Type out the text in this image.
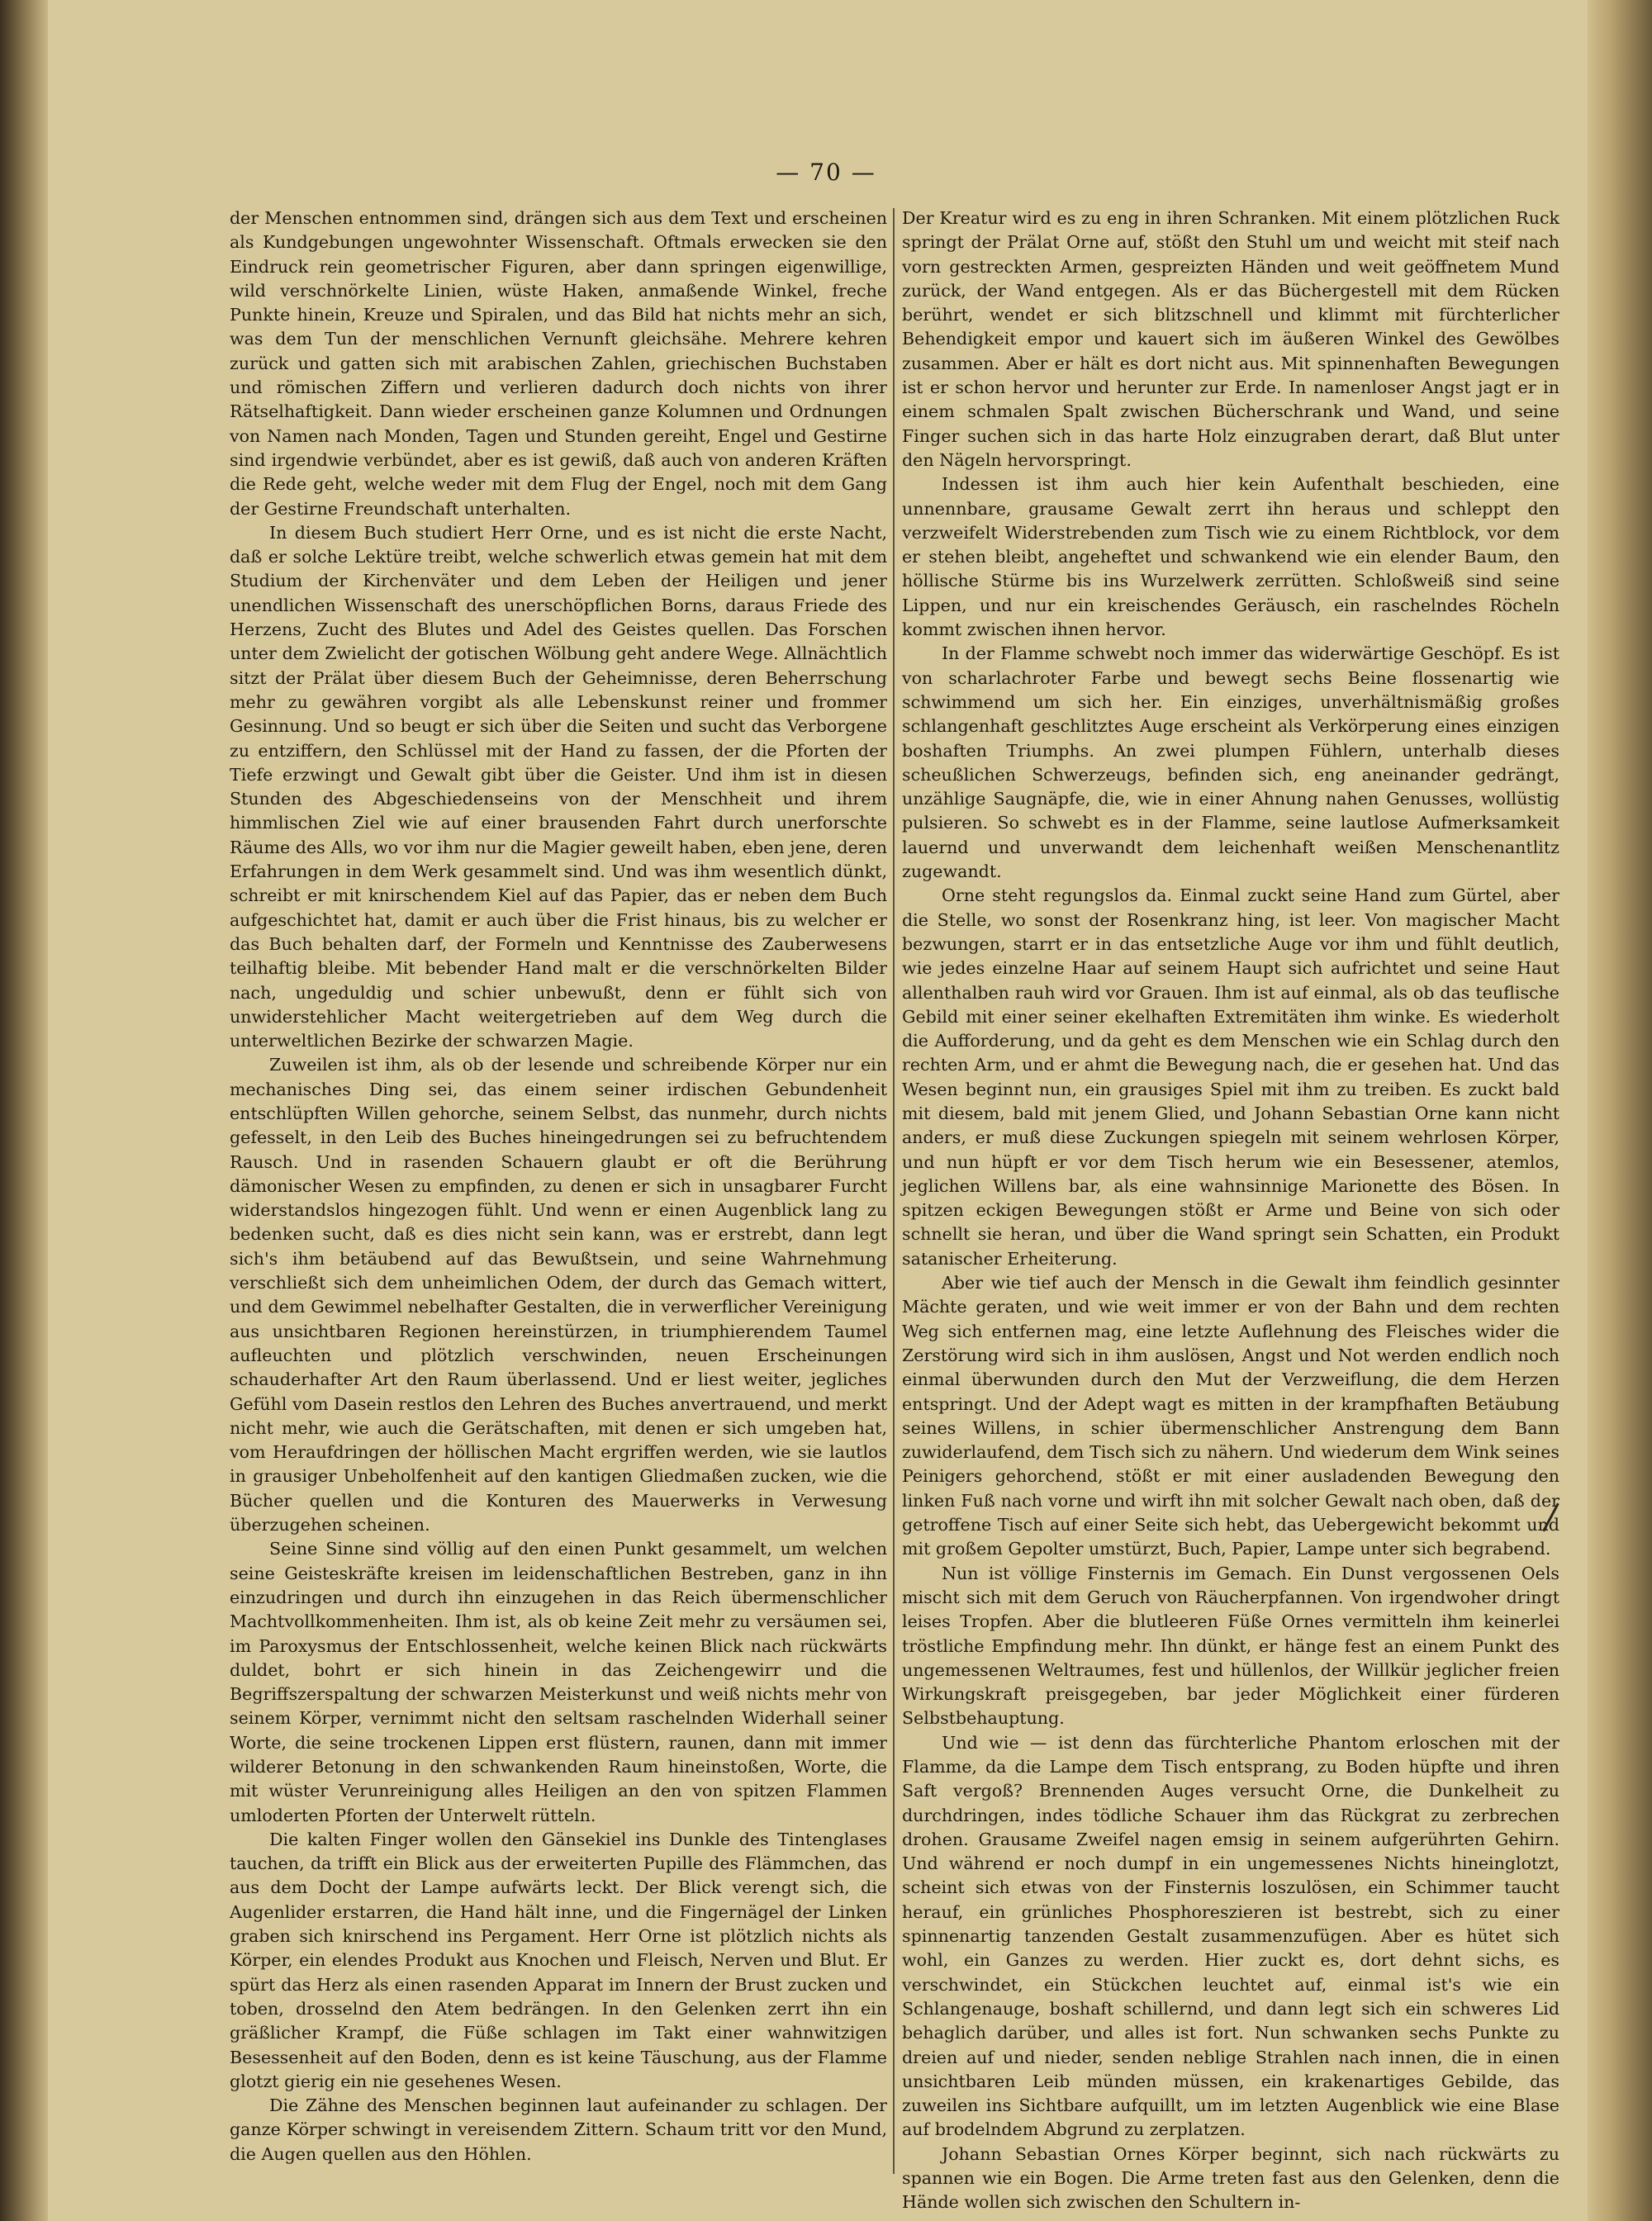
— 70 —

der Menschen entnommen sind, drängen sich aus dem Text und erscheinen als Kundgebungen ungewohnter Wissenschaft. Oftmals erwecken sie den Eindruck rein geometrischer Figuren, aber dann springen eigenwillige, wild verschnörkelte Linien, wüste Haken, anmaßende Winkel, freche Punkte hinein, Kreuze und Spiralen, und das Bild hat nichts mehr an sich, was dem Tun der menschlichen Vernunft gleichsähe. Mehrere kehren zurück und gatten sich mit arabischen Zahlen, griechischen Buchstaben und römischen Ziffern und verlieren dadurch doch nichts von ihrer Rätselhaftigkeit. Dann wieder erscheinen ganze Kolumnen und Ordnungen von Namen nach Monden, Tagen und Stunden gereiht, Engel und Gestirne sind irgendwie verbündet, aber es ist gewiß, daß auch von anderen Kräften die Rede geht, welche weder mit dem Flug der Engel, noch mit dem Gang der Gestirne Freundschaft unterhalten.

In diesem Buch studiert Herr Orne, und es ist nicht die erste Nacht, daß er solche Lektüre treibt, welche schwerlich etwas gemein hat mit dem Studium der Kirchenväter und dem Leben der Heiligen und jener unendlichen Wissenschaft des unerschöpflichen Borns, daraus Friede des Herzens, Zucht des Blutes und Adel des Geistes quellen. Das Forschen unter dem Zwielicht der gotischen Wölbung geht andere Wege. Allnächtlich sitzt der Prälat über diesem Buch der Geheimnisse, deren Beherrschung mehr zu gewähren vorgibt als alle Lebenskunst reiner und frommer Gesinnung. Und so beugt er sich über die Seiten und sucht das Verborgene zu entziffern, den Schlüssel mit der Hand zu fassen, der die Pforten der Tiefe erzwingt und Gewalt gibt über die Geister. Und ihm ist in diesen Stunden des Abgeschiedenseins von der Menschheit und ihrem himmlischen Ziel wie auf einer brausenden Fahrt durch unerforschte Räume des Alls, wo vor ihm nur die Magier geweilt haben, eben jene, deren Erfahrungen in dem Werk gesammelt sind. Und was ihm wesentlich dünkt, schreibt er mit knirschendem Kiel auf das Papier, das er neben dem Buch aufgeschichtet hat, damit er auch über die Frist hinaus, bis zu welcher er das Buch behalten darf, der Formeln und Kenntnisse des Zauberwesens teilhaftig bleibe. Mit bebender Hand malt er die verschnörkelten Bilder nach, ungeduldig und schier unbewußt, denn er fühlt sich von unwiderstehlicher Macht weitergetrieben auf dem Weg durch die unterweltlichen Bezirke der schwarzen Magie.

Zuweilen ist ihm, als ob der lesende und schreibende Körper nur ein mechanisches Ding sei, das einem seiner irdischen Gebundenheit entschlüpften Willen gehorche, seinem Selbst, das nunmehr, durch nichts gefesselt, in den Leib des Buches hineingedrungen sei zu befruchtendem Rausch. Und in rasenden Schauern glaubt er oft die Berührung dämonischer Wesen zu empfinden, zu denen er sich in unsagbarer Furcht widerstandslos hingezogen fühlt. Und wenn er einen Augenblick lang zu bedenken sucht, daß es dies nicht sein kann, was er erstrebt, dann legt sich's ihm betäubend auf das Bewußtsein, und seine Wahrnehmung verschließt sich dem unheimlichen Odem, der durch das Gemach wittert, und dem Gewimmel nebelhafter Gestalten, die in verwerflicher Vereinigung aus unsichtbaren Regionen hereinstürzen, in triumphierendem Taumel aufleuchten und plötzlich verschwinden, neuen Erscheinungen schauderhafter Art den Raum überlassend. Und er liest weiter, jegliches Gefühl vom Dasein restlos den Lehren des Buches anvertrauend, und merkt nicht mehr, wie auch die Gerätschaften, mit denen er sich umgeben hat, vom Heraufdringen der höllischen Macht ergriffen werden, wie sie lautlos in grausiger Unbeholfenheit auf den kantigen Gliedmaßen zucken, wie die Bücher quellen und die Konturen des Mauerwerks in Verwesung überzugehen scheinen.

Seine Sinne sind völlig auf den einen Punkt gesammelt, um welchen seine Geisteskräfte kreisen im leidenschaftlichen Bestreben, ganz in ihn einzudringen und durch ihn einzugehen in das Reich übermenschlicher Machtvollkommenheiten. Ihm ist, als ob keine Zeit mehr zu versäumen sei, im Paroxysmus der Entschlossenheit, welche keinen Blick nach rückwärts duldet, bohrt er sich hinein in das Zeichengewirr und die Begriffszerspaltung der schwarzen Meisterkunst und weiß nichts mehr von seinem Körper, vernimmt nicht den seltsam raschelnden Widerhall seiner Worte, die seine trockenen Lippen erst flüstern, raunen, dann mit immer wilderer Betonung in den schwankenden Raum hineinstoßen, Worte, die mit wüster Verunreinigung alles Heiligen an den von spitzen Flammen umloderten Pforten der Unterwelt rütteln.

Die kalten Finger wollen den Gänsekiel ins Dunkle des Tintenglases tauchen, da trifft ein Blick aus der erweiterten Pupille des Flämmchen, das aus dem Docht der Lampe aufwärts leckt. Der Blick verengt sich, die Augenlider erstarren, die Hand hält inne, und die Fingernägel der Linken graben sich knirschend ins Pergament. Herr Orne ist plötzlich nichts als Körper, ein elendes Produkt aus Knochen und Fleisch, Nerven und Blut. Er spürt das Herz als einen rasenden Apparat im Innern der Brust zucken und toben, drosselnd den Atem bedrängen. In den Gelenken zerrt ihn ein gräßlicher Krampf, die Füße schlagen im Takt einer wahnwitzigen Besessenheit auf den Boden, denn es ist keine Täuschung, aus der Flamme glotzt gierig ein nie gesehenes Wesen.

Die Zähne des Menschen beginnen laut aufeinander zu schlagen. Der ganze Körper schwingt in vereisendem Zittern. Schaum tritt vor den Mund, die Augen quellen aus den Höhlen.

Der Kreatur wird es zu eng in ihren Schranken. Mit einem plötzlichen Ruck springt der Prälat Orne auf, stößt den Stuhl um und weicht mit steif nach vorn gestreckten Armen, gespreizten Händen und weit geöffnetem Mund zurück, der Wand entgegen. Als er das Büchergestell mit dem Rücken berührt, wendet er sich blitzschnell und klimmt mit fürchterlicher Behendigkeit empor und kauert sich im äußeren Winkel des Gewölbes zusammen. Aber er hält es dort nicht aus. Mit spinnenhaften Bewegungen ist er schon hervor und herunter zur Erde. In namenloser Angst jagt er in einem schmalen Spalt zwischen Bücherschrank und Wand, und seine Finger suchen sich in das harte Holz einzugraben derart, daß Blut unter den Nägeln hervorspringt.

Indessen ist ihm auch hier kein Aufenthalt beschieden, eine unnennbare, grausame Gewalt zerrt ihn heraus und schleppt den verzweifelt Widerstrebenden zum Tisch wie zu einem Richtblock, vor dem er stehen bleibt, angeheftet und schwankend wie ein elender Baum, den höllische Stürme bis ins Wurzelwerk zerrütten. Schloßweiß sind seine Lippen, und nur ein kreischendes Geräusch, ein raschelndes Röcheln kommt zwischen ihnen hervor.

In der Flamme schwebt noch immer das widerwärtige Geschöpf. Es ist von scharlachroter Farbe und bewegt sechs Beine flossenartig wie schwimmend um sich her. Ein einziges, unverhältnismäßig großes schlangenhaft geschlitztes Auge erscheint als Verkörperung eines einzigen boshaften Triumphs. An zwei plumpen Fühlern, unterhalb dieses scheußlichen Schwerzeugs, befinden sich, eng aneinander gedrängt, unzählige Saugnäpfe, die, wie in einer Ahnung nahen Genusses, wollüstig pulsieren. So schwebt es in der Flamme, seine lautlose Aufmerksamkeit lauernd und unverwandt dem leichenhaft weißen Menschenantlitz zugewandt.

Orne steht regungslos da. Einmal zuckt seine Hand zum Gürtel, aber die Stelle, wo sonst der Rosenkranz hing, ist leer. Von magischer Macht bezwungen, starrt er in das entsetzliche Auge vor ihm und fühlt deutlich, wie jedes einzelne Haar auf seinem Haupt sich aufrichtet und seine Haut allenthalben rauh wird vor Grauen. Ihm ist auf einmal, als ob das teuflische Gebild mit einer seiner ekelhaften Extremitäten ihm winke. Es wiederholt die Aufforderung, und da geht es dem Menschen wie ein Schlag durch den rechten Arm, und er ahmt die Bewegung nach, die er gesehen hat. Und das Wesen beginnt nun, ein grausiges Spiel mit ihm zu treiben. Es zuckt bald mit diesem, bald mit jenem Glied, und Johann Sebastian Orne kann nicht anders, er muß diese Zuckungen spiegeln mit seinem wehrlosen Körper, und nun hüpft er vor dem Tisch herum wie ein Besessener, atemlos, jeglichen Willens bar, als eine wahnsinnige Marionette des Bösen. In spitzen eckigen Bewegungen stößt er Arme und Beine von sich oder schnellt sie heran, und über die Wand springt sein Schatten, ein Produkt satanischer Erheiterung.

Aber wie tief auch der Mensch in die Gewalt ihm feindlich gesinnter Mächte geraten, und wie weit immer er von der Bahn und dem rechten Weg sich entfernen mag, eine letzte Auflehnung des Fleisches wider die Zerstörung wird sich in ihm auslösen, Angst und Not werden endlich noch einmal überwunden durch den Mut der Verzweiflung, die dem Herzen entspringt. Und der Adept wagt es mitten in der krampfhaften Betäubung seines Willens, in schier übermenschlicher Anstrengung dem Bann zuwiderlaufend, dem Tisch sich zu nähern. Und wiederum dem Wink seines Peinigers gehorchend, stößt er mit einer ausladenden Bewegung den linken Fuß nach vorne und wirft ihn mit solcher Gewalt nach oben, daß der getroffene Tisch auf einer Seite sich hebt, das Uebergewicht bekommt und mit großem Gepolter umstürzt, Buch, Papier, Lampe unter sich begrabend.

Nun ist völlige Finsternis im Gemach. Ein Dunst vergossenen Oels mischt sich mit dem Geruch von Räucherpfannen. Von irgendwoher dringt leises Tropfen. Aber die blutleeren Füße Ornes vermitteln ihm keinerlei tröstliche Empfindung mehr. Ihn dünkt, er hänge fest an einem Punkt des ungemessenen Weltraumes, fest und hüllenlos, der Willkür jeglicher freien Wirkungskraft preisgegeben, bar jeder Möglichkeit einer fürderen Selbstbehauptung.

Und wie — ist denn das fürchterliche Phantom erloschen mit der Flamme, da die Lampe dem Tisch entsprang, zu Boden hüpfte und ihren Saft vergoß? Brennenden Auges versucht Orne, die Dunkelheit zu durchdringen, indes tödliche Schauer ihm das Rückgrat zu zerbrechen drohen. Grausame Zweifel nagen emsig in seinem aufgerührten Gehirn. Und während er noch dumpf in ein ungemessenes Nichts hineinglotzt, scheint sich etwas von der Finsternis loszulösen, ein Schimmer taucht herauf, ein grünliches Phosphoreszieren ist bestrebt, sich zu einer spinnenartig tanzenden Gestalt zusammenzufügen. Aber es hütet sich wohl, ein Ganzes zu werden. Hier zuckt es, dort dehnt sichs, es verschwindet, ein Stückchen leuchtet auf, einmal ist's wie ein Schlangenauge, boshaft schillernd, und dann legt sich ein schweres Lid behaglich darüber, und alles ist fort. Nun schwanken sechs Punkte zu dreien auf und nieder, senden neblige Strahlen nach innen, die in einen unsichtbaren Leib münden müssen, ein krakenartiges Gebilde, das zuweilen ins Sichtbare aufquillt, um im letzten Augenblick wie eine Blase auf brodelndem Abgrund zu zerplatzen.

Johann Sebastian Ornes Körper beginnt, sich nach rückwärts zu spannen wie ein Bogen. Die Arme treten fast aus den Gelenken, denn die Hände wollen sich zwischen den Schultern in-
